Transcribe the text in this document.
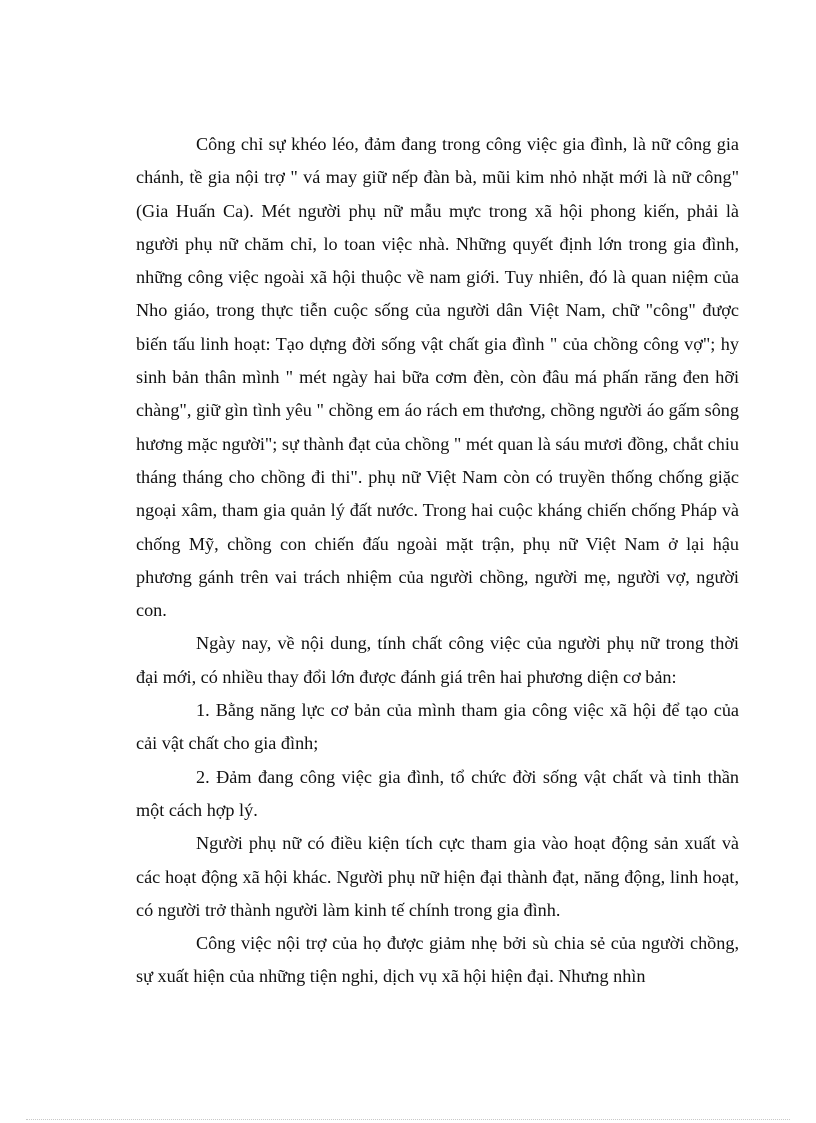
Công chỉ sự khéo léo, đảm đang trong công việc gia đình, là nữ công gia chánh, tề gia nội trợ " vá may giữ nếp đàn bà, mũi kim nhỏ nhặt mới là nữ công" (Gia Huấn Ca). Mét người phụ nữ mẫu mực trong xã hội phong kiến, phải là người phụ nữ chăm chỉ, lo toan việc nhà. Những quyết định lớn trong gia đình, những công việc ngoài xã hội thuộc về nam giới. Tuy nhiên, đó là quan niệm của Nho giáo, trong thực tiễn cuộc sống của người dân Việt Nam, chữ "công" được biến tấu linh hoạt: Tạo dựng đời sống vật chất gia đình " của chồng công vợ"; hy sinh bản thân mình " mét ngày hai bữa cơm đèn, còn đâu má phấn răng đen hỡi chàng", giữ gìn tình yêu " chồng em áo rách em thương, chồng người áo gấm sông hương mặc người"; sự thành đạt của chồng " mét quan là sáu mươi đồng, chắt chiu tháng tháng cho chồng đi thi". phụ nữ Việt Nam còn có truyền thống chống giặc ngoại xâm, tham gia quản lý đất nước. Trong hai cuộc kháng chiến chống Pháp và chống Mỹ, chồng con chiến đấu ngoài mặt trận, phụ nữ Việt Nam ở lại hậu phương gánh trên vai trách nhiệm của người chồng, người mẹ, người vợ, người con.

Ngày nay, về nội dung, tính chất công việc của người phụ nữ trong thời đại mới, có nhiều thay đổi lớn được đánh giá trên hai phương diện cơ bản:

1. Bằng năng lực cơ bản của mình tham gia công việc xã hội để tạo của cải vật chất cho gia đình;

2. Đảm đang công việc gia đình, tổ chức đời sống vật chất và tinh thần một cách hợp lý.

Người phụ nữ có điều kiện tích cực tham gia vào hoạt động sản xuất và các hoạt động xã hội khác. Người phụ nữ hiện đại thành đạt, năng động, linh hoạt, có người trở thành người làm kinh tế chính trong gia đình.

Công việc nội trợ của họ được giảm nhẹ bởi sù chia sẻ của người chồng, sự xuất hiện của những tiện nghi, dịch vụ xã hội hiện đại. Nhưng nhìn
